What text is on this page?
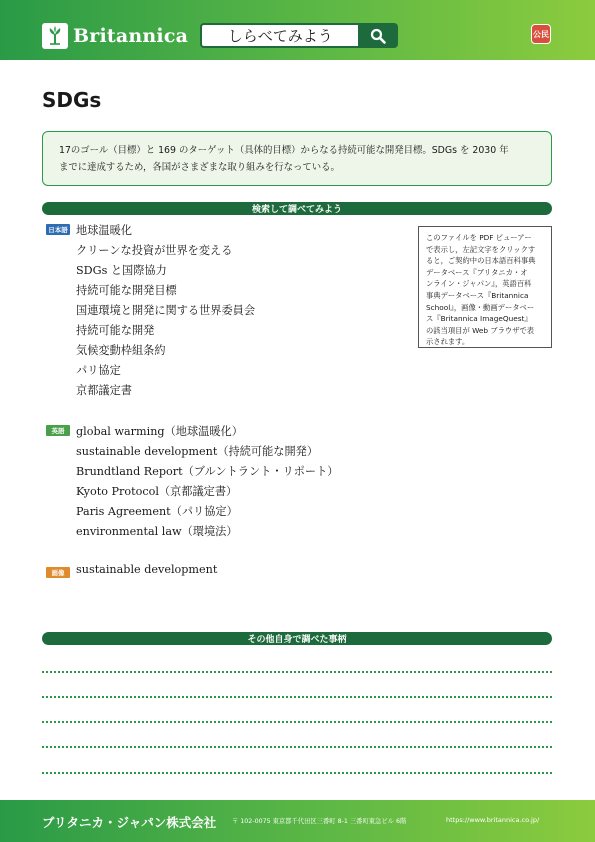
Britannica	しらべてみよう	公民
SDGs
17のゴール（目標）と 169 のターゲット（具体的目標）からなる持続可能な開発目標。SDGs を 2030 年
までに達成するため，各国がさまざまな取り組みを行なっている。
検索して調べてみよう
日本語 地球温暖化
クリーンな投資が世界を変える
SDGs と国際協力
持続可能な開発目標
国連環境と開発に関する世界委員会
持続可能な開発
気候変動枠組条約
パリ協定
京都議定書
このファイルを PDF ビューアー
で表示し，左記文字をクリックす
ると，ご契約中の日本語百科事典
データベース『ブリタニカ・オ
ンライン・ジャパン』，英語百科
事典データベース『Britannica
School』，画像・動画データベー
ス『Britannica ImageQuest』
の該当項目が Web ブラウザで表
示されます。
英語	global warming（地球温暖化）
sustainable development（持続可能な開発）
Brundtland Report（ブルントラント・リポート）
Kyoto Protocol（京都議定書）
Paris Agreement（パリ協定）
environmental law（環境法）
画像	sustainable development
その他自身で調べた事柄
ブリタニカ・ジャパン株式会社 〒 102-0075 東京都千代田区三番町 8-1 三番町東急ビル 6階	https://www.britannica.co.jp/
